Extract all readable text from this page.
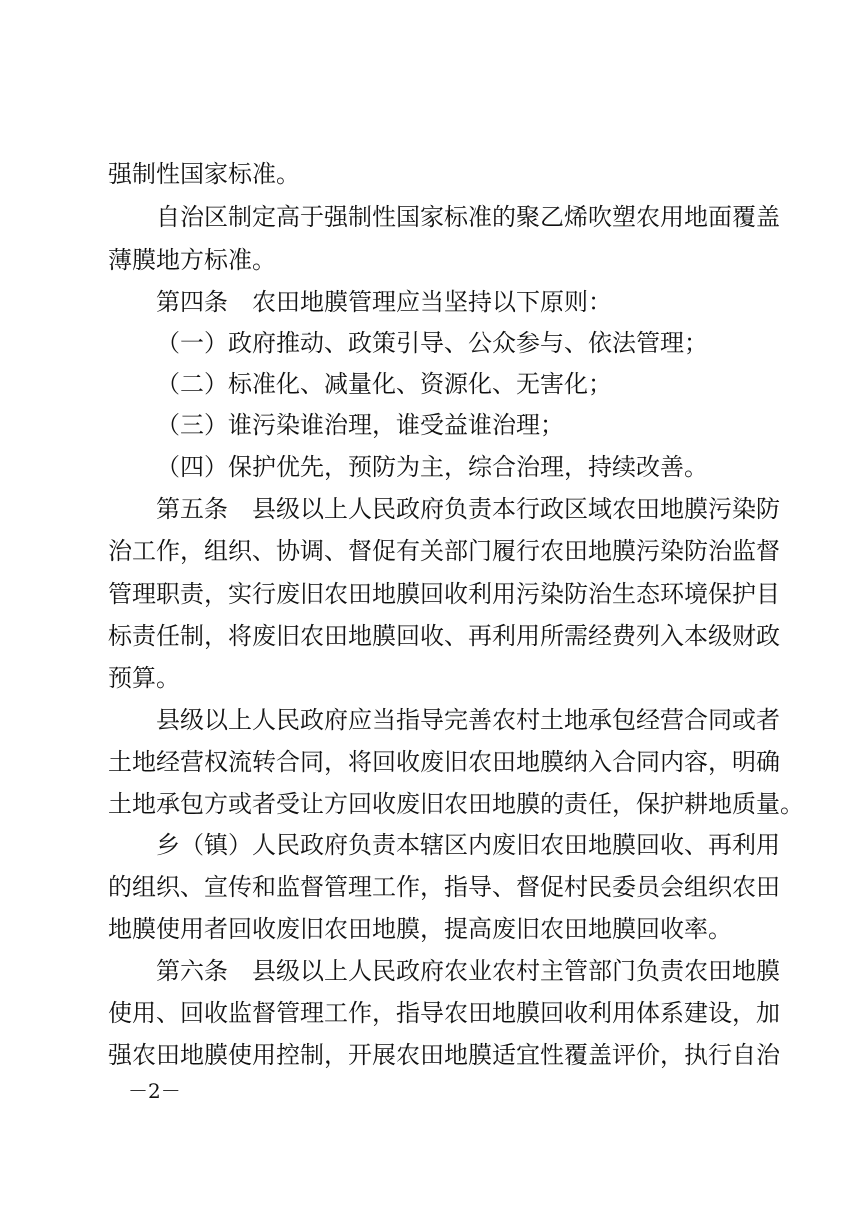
强制性国家标准。
自治区制定高于强制性国家标准的聚乙烯吹塑农用地面覆盖
薄膜地方标准。
第四条　农田地膜管理应当坚持以下原则：
（一）政府推动、政策引导、公众参与、依法管理；
（二）标准化、减量化、资源化、无害化；
（三）谁污染谁治理，谁受益谁治理；
（四）保护优先，预防为主，综合治理，持续改善。
第五条　县级以上人民政府负责本行政区域农田地膜污染防
治工作，组织、协调、督促有关部门履行农田地膜污染防治监督
管理职责，实行废旧农田地膜回收利用污染防治生态环境保护目
标责任制，将废旧农田地膜回收、再利用所需经费列入本级财政
预算。
县级以上人民政府应当指导完善农村土地承包经营合同或者
土地经营权流转合同，将回收废旧农田地膜纳入合同内容，明确
土地承包方或者受让方回收废旧农田地膜的责任，保护耕地质量。
乡（镇）人民政府负责本辖区内废旧农田地膜回收、再利用
的组织、宣传和监督管理工作，指导、督促村民委员会组织农田
地膜使用者回收废旧农田地膜，提高废旧农田地膜回收率。
第六条　县级以上人民政府农业农村主管部门负责农田地膜
使用、回收监督管理工作，指导农田地膜回收利用体系建设，加
强农田地膜使用控制，开展农田地膜适宜性覆盖评价，执行自治
－2－
